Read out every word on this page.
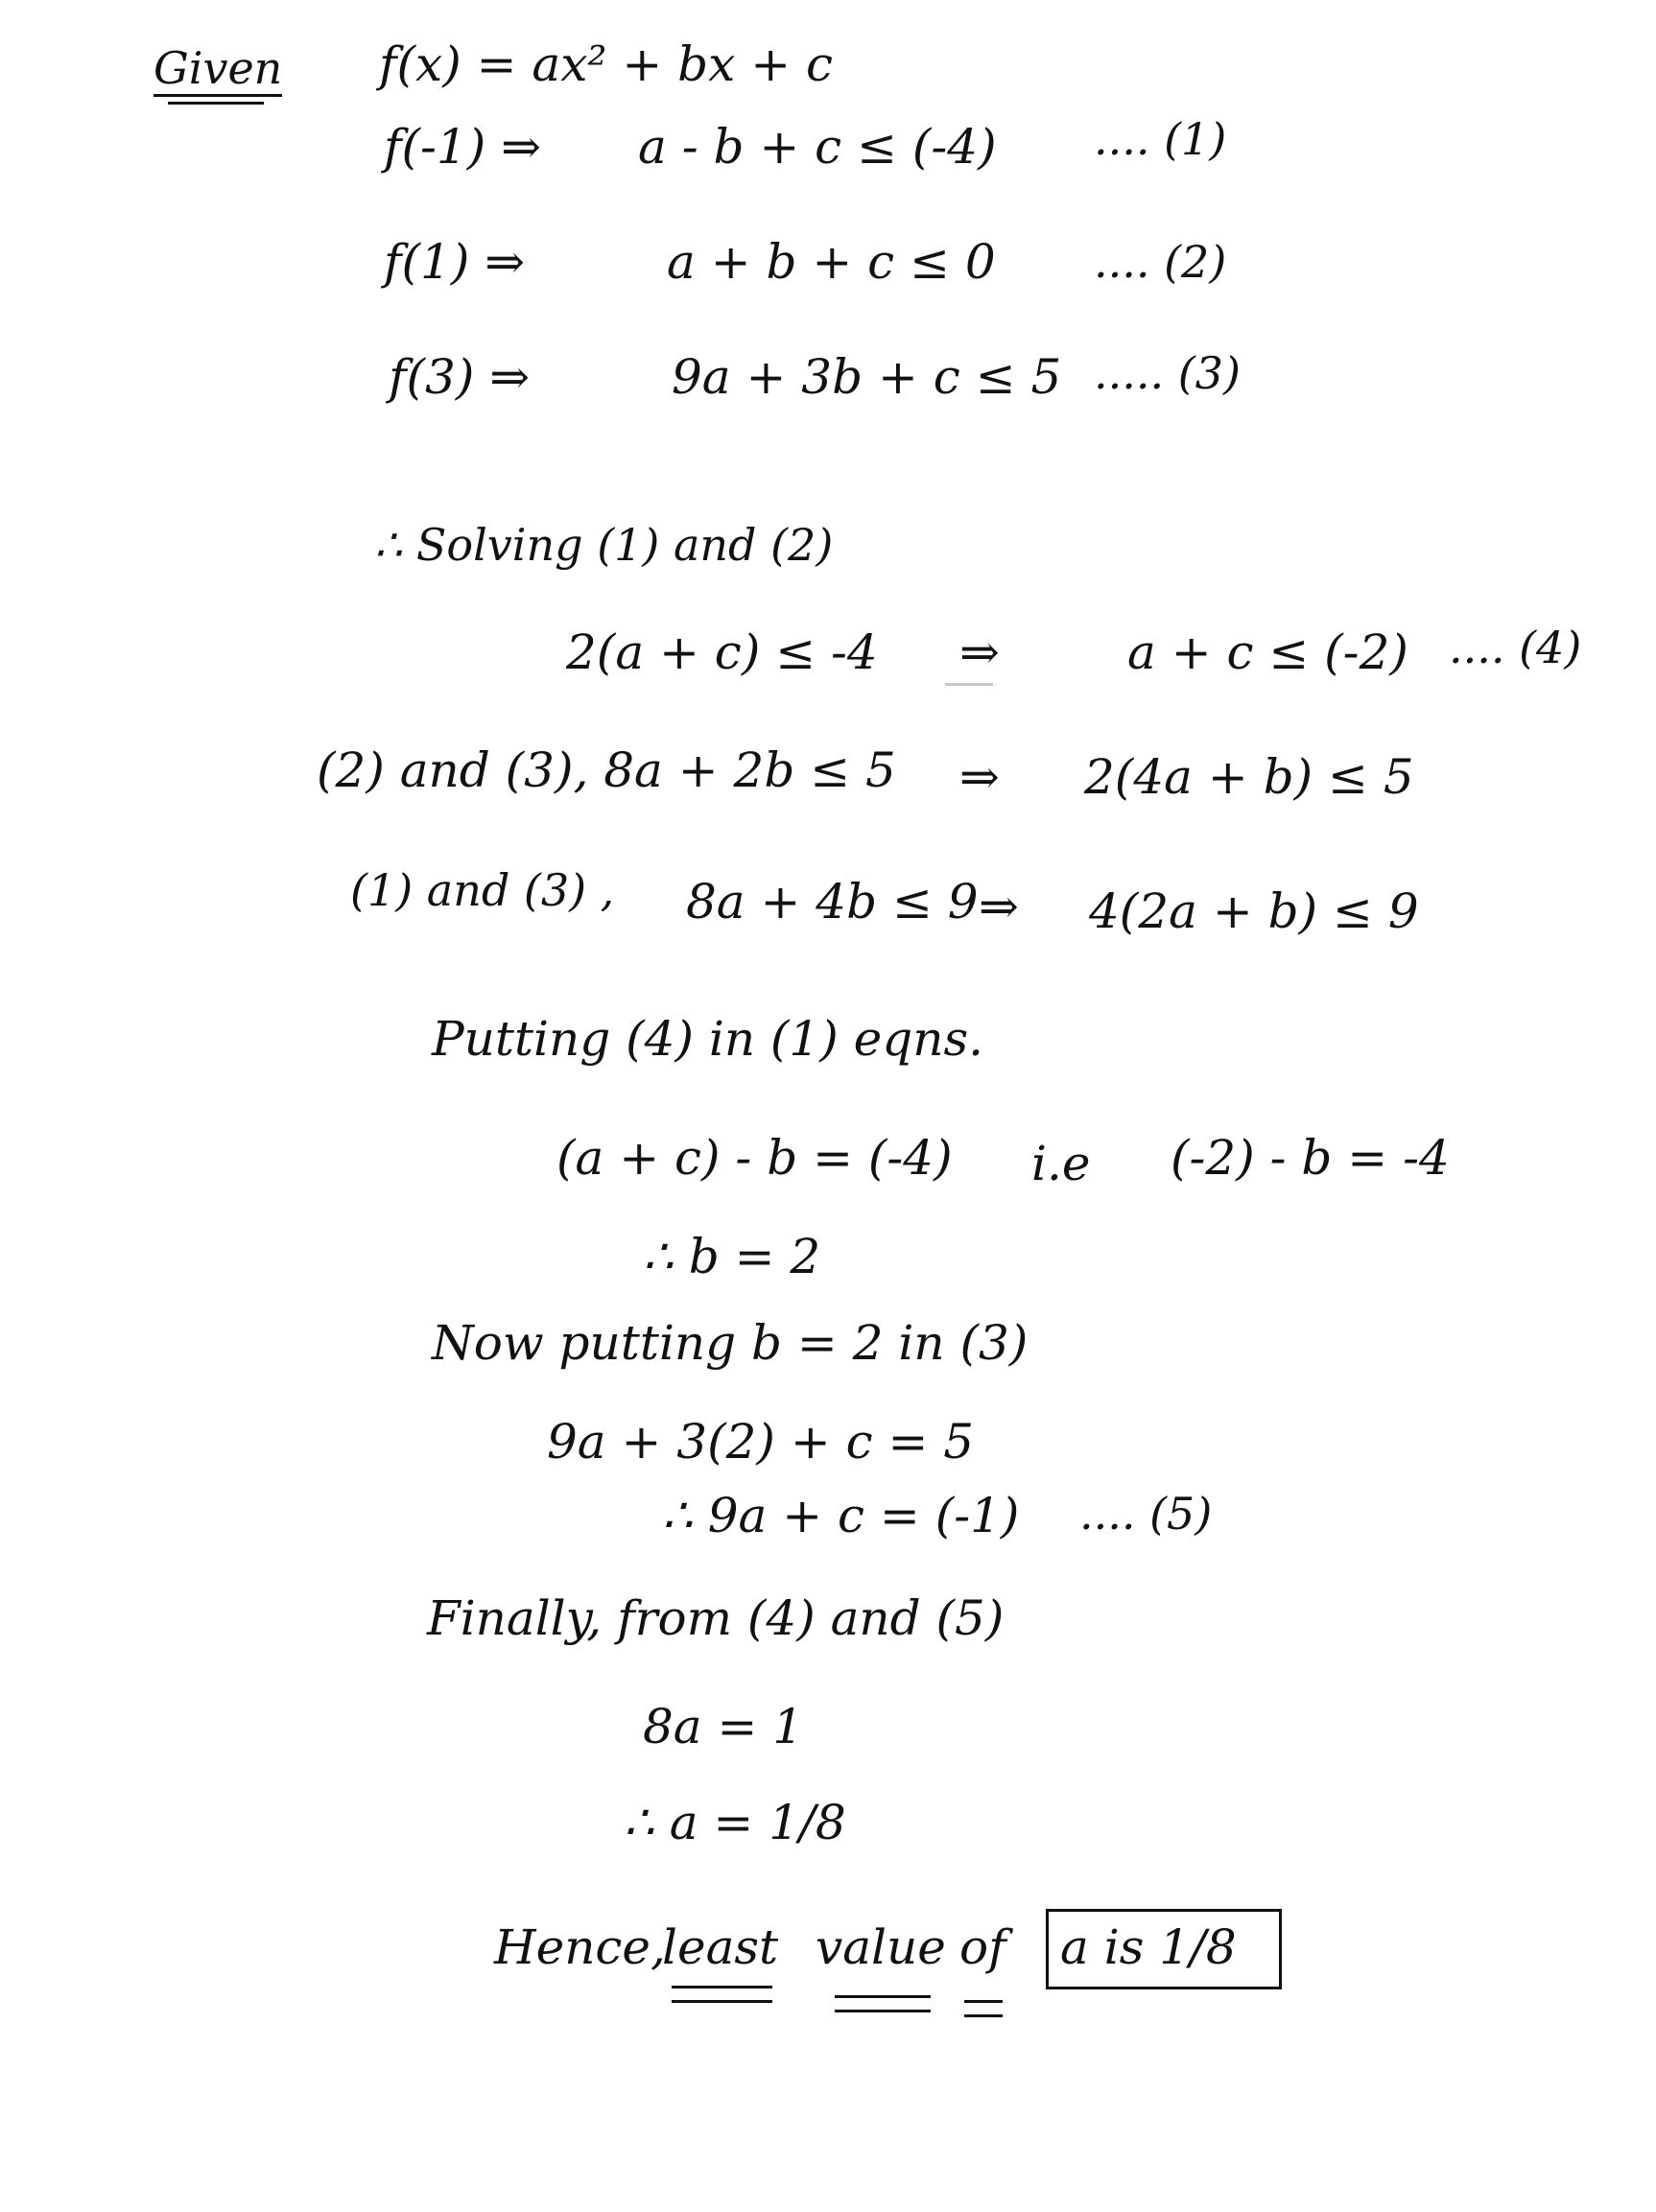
Given f(x) = ax² + bx + c
f(-1) ⇒ a - b + c ≤ (-4) .... (1)
f(1) ⇒	a + b + c ≤ 0 .... (2)
f(3) ⇒	9a + 3b + c ≤ 5 ..... (3)
∴ Solving (1) and (2)
2(a + c) ≤ -4 ⇒	a + c ≤ (-2) .... (4)
(2) and (3), 8a + 2b ≤ 5 ⇒ 2(4a + b) ≤ 5
(1) and (3) , 8a + 4b ≤ 9 ⇒ 4(2a + b) ≤ 9
Putting (4) in (1) eqns.
(a + c) - b = (-4) i.e (-2) - b = -4
∴ b = 2
Now putting b = 2 in (3)
9a + 3(2) + c = 5
∴ 9a + c = (-1) .... (5)
Finally, from (4) and (5)
8a = 1
∴ a = 1/8
Hence,
least value of a is 1/8
